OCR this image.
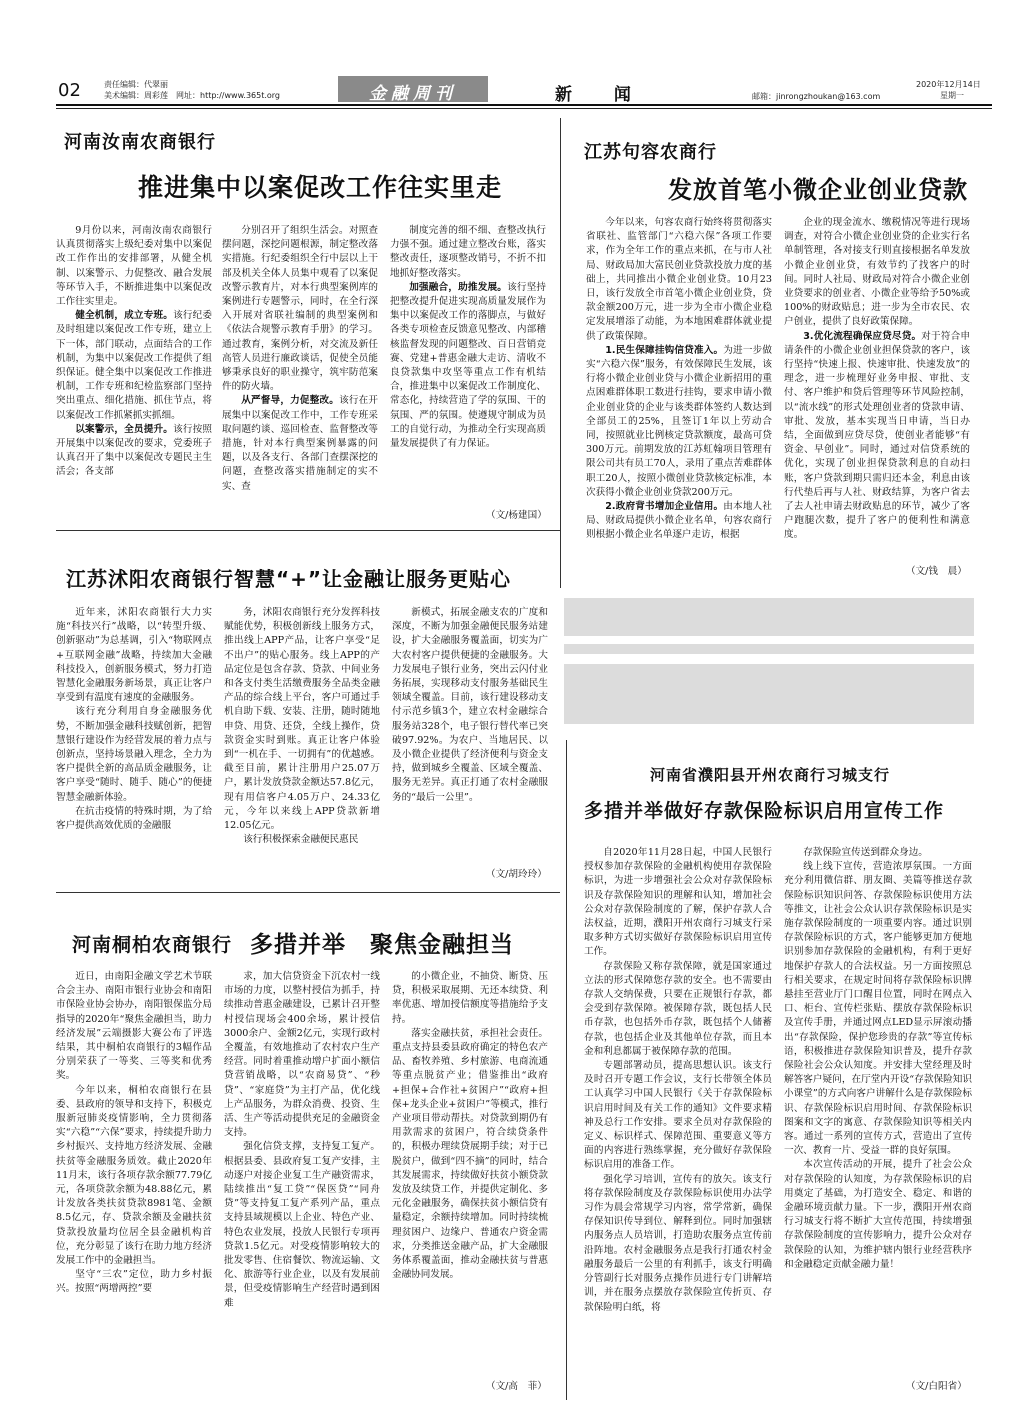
02	责任编辑：代翠丽
美术编辑：周彩莲 网址：http://www.365t.org	金融周刊	新 闻	邮箱：jinrongzhoukan@163.com
2020年12月14日
星期一
河南汝南农商银行
推进集中以案促改工作往实里走

9月份以来，河南汝南农商银行认真贯彻落实上级纪委对集中以案促改工作作出的安排部署，从健全机制、以案警示、力促整改、融合发展等环节入手，不断推进集中以案促改工作往实里走。

健全机制，成立专班。该行纪委及时组建以案促改工作专班，建立上下一体，部门联动，点面结合的工作机制，为集中以案促改工作提供了组织保证。健全集中以案促改工作推进机制，工作专班和纪检监察部门坚持突出重点、细化措施、抓住节点，将以案促改工作抓紧抓实抓细。

以案警示，全员提升。该行按照开展集中以案促改的要求，党委班子认真召开了集中以案促改专题民主生活会；各支部

分别召开了组织生活会。对照查摆问题，深挖问题根源，制定整改落实措施。行纪委组织全行中层以上干部及机关全体人员集中观看了以案促改警示教育片，对本行典型案例库的案例进行专题警示，同时，在全行深入开展对省联社编制的典型案例和《依法合规警示教育手册》的学习。通过教育，案例分析，对交流及新任高管人员进行廉政谈话，促使全员能够秉承良好的职业操守，筑牢防范案件的防火墙。

从严督导，力促整改。该行在开展集中以案促改工作中，工作专班采取问题约谈、巡回检查、监督整改等措施，针对本行典型案例暴露的问题，以及各支行、各部门查摆深挖的问题，查整改落实措施制定的实不实、查

制度完善的细不细、查整改执行力强不强。通过建立整改台账，落实整改责任，逐项整改销号，不折不扣地抓好整改落实。

加强融合，助推发展。该行坚持把整改提升促进实现高质量发展作为集中以案促改工作的落脚点，与做好各类专项检查反馈意见整改、内部稽核监督发现的问题整改、百日营销竞赛、党建+普惠金融大走访、清收不良贷款集中攻坚等重点工作有机结合，推进集中以案促改工作制度化、常态化，持续营造了学的氛围、干的氛围、严的氛围。使遵规守制成为员工的自觉行动，为推动全行实现高质量发展提供了有力保证。

（文/杨建国）
江苏句容农商行
发放首笔小微企业创业贷款

今年以来，句容农商行始终将贯彻落实省联社、监管部门“六稳六保”各项工作要求，作为全年工作的重点来抓，在与市人社局、财政局加大富民创业贷款投放力度的基础上，共同推出小微企业创业贷。10月23日，该行发放全市首笔小微企业创业贷，贷款金额200万元，进一步为全市小微企业稳定发展增添了动能，为本地困难群体就业提供了政策保障。

1.民生保障挂钩信贷准入。为进一步做实“六稳六保”服务，有效保障民生发展，该行将小微企业创业贷与小微企业新招用的重点困难群体职工数进行挂钩，要求申请小微企业创业贷的企业与该类群体签约人数达到全部员工的25%，且签订1年以上劳动合同，按照就业比例核定贷款额度，最高可贷300万元。前期发放的江苏虹翰项目管理有限公司共有员工70人，录用了重点苦难群体职工20人，按照小微创业贷款核定标准，本次获得小微企业创业贷款200万元。

2.政府背书增加企业信用。由本地人社局、财政局提供小微企业名单，句容农商行则根据小微企业名单逐户走访，根据

企业的现金流水、缴税情况等进行现场调查，对符合小微企业创业贷的企业实行名单制管理，各对接支行则直接根据名单发放小微企业创业贷，有效节约了找客户的时间。同时人社局、财政局对符合小微企业创业贷要求的创业者、小微企业等给予50%或100%的财政贴息；进一步为全市农民、农户创业，提供了良好政策保障。

3.优化流程确保应贷尽贷。对于符合申请条件的小微企业创业担保贷款的客户，该行坚持“快速上报、快速审批、快速发放”的理念，进一步梳理好业务申报、审批、支付、客户维护和贷后管理等环节风险控制，以“流水线”的形式处理创业者的贷款申请、审批、发放，基本实现当日申请，当日办结，全面做到应贷尽贷，使创业者能够“有资金、早创业”。同时，通过对信贷系统的优化，实现了创业担保贷款利息的自动扫账，客户贷款到期只需归还本金，利息由该行代垫后再与人社、财政结算，为客户省去了去人社申请去财政贴息的环节，减少了客户跑腿次数，提升了客户的便利性和满意度。

（文/钱　晨）
江苏沭阳农商银行智慧“+”让金融让服务更贴心

近年来，沭阳农商银行大力实施“科技兴行”战略，以“转型升级、创新驱动”为总基调，引入“物联网点+互联网金融”战略，持续加大金融科技投入，创新服务模式，努力打造智慧化金融服务新场景，真正让客户享受到有温度有速度的金融服务。

该行充分利用自身金融服务优势，不断加强金融科技赋创新，把智慧银行建设作为经营发展的着力点与创新点，坚持场景融入理念，全力为客户提供全新的高品质金融服务，让客户享受“随时、随手、随心”的便捷智慧金融新体验。

在抗击疫情的特殊时期，为了给客户提供高效优质的金融服

务，沭阳农商银行充分发挥科技赋能优势，积极创新线上服务方式，推出线上APP产品，让客户享受“足不出户”的贴心服务。线上APP的产品定位是包含存款、贷款、中间业务和各支付类生活缴费服务全品类金融产品的综合线上平台，客户可通过手机自助下载、安装、注册，随时随地申贷、用贷、还贷，全线上操作，贷款资金实时到账。真正让客户体验到“一机在手、一切拥有”的优越感。截至目前，累计注册用户25.07万户，累计发放贷款金额达57.8亿元，现有用信客户4.05万户、24.33亿元，今年以来线上APP贷款新增12.05亿元。

该行积极探索金融便民惠民

新模式，拓展金融支农的广度和深度，不断为加强金融便民服务站建设，扩大金融服务覆盖面，切实为广大农村客户提供便捷的金融服务。大力发展电子银行业务，突出云闪付业务拓展，实现移动支付服务基础民生领域全覆盖。目前，该行建设移动支付示范乡镇3个，建立农村金融综合服务站328个，电子银行替代率已突破97.92%。为农户、当地居民、以及小微企业提供了经济便利与资金支持，做到城乡全覆盖、区域全覆盖、服务无差异。真正打通了农村金融服务的“最后一公里”。

（文/胡玲玲）
河南省濮阳县开州农商行习城支行
多措并举做好存款保险标识启用宣传工作

自2020年11月28日起，中国人民银行授权参加存款保险的金融机构使用存款保险标识，为进一步增强社会公众对存款保险标识及存款保险知识的理解和认知，增加社会公众对存款保险制度的了解，保护存款人合法权益，近期，濮阳开州农商行习城支行采取多种方式切实做好存款保险标识启用宣传工作。

存款保险又称存款保障，就是国家通过立法的形式保障您存款的安全。也不需要由存款人交纳保费，只要在正规银行存款，都会受到存款保障。被保障存款，既包括人民币存款，也包括外币存款，既包括个人储蓄存款，也包括企业及其他单位存款，而且本金和利息都属于被保障存款的范围。

专题部署动员，提高思想认识。该支行及时召开专题工作会议，支行长带领全体员工认真学习中国人民银行《关于存款保险标识启用时间及有关工作的通知》文件要求精神及总行工作安排。要求全员对存款保险的定义、标识样式、保障范围、重要意义等方面的内容进行熟练掌握，充分做好存款保险标识启用的准备工作。

强化学习培训，宣传有的放矢。该支行将存款保险制度及存款保险标识使用办法学习作为晨会常规学习内容，常学常新，确保存保知识传导到位、解释到位。同时加强辖内服务点人员培训，打造助农服务点宣传前沿阵地。农村金融服务点是我行打通农村金融服务最后一公里的有利抓手，该支行明确分管副行长对服务点操作员进行专门讲解培训，并在服务点摆放存款保险宣传折页、存款保险明白纸，将

存款保险宣传送到群众身边。

线上线下宣传，营造浓厚氛围。一方面充分利用微信群、朋友圈、美篇等推送存款保险标识知识问答、存款保险标识使用方法等推文，让社会公众认识存款保险标识是实施存款保险制度的一项重要内容。通过识别存款保险标识的方式，客户能够更加方便地识别参加存款保险的金融机构，有利于更好地保护存款人的合法权益。另一方面按照总行相关要求，在规定时间将存款保险标识牌悬挂至营业厅门口醒目位置，同时在网点入口、柜台、宣传栏张贴、摆放存款保险标识及宣传手册，并通过网点LED显示屏滚动播出“存款保险，保护您珍贵的存款”等宣传标语，积极推进存款保险知识普及，提升存款保险社会公众认知度。并安排大堂经理及时解答客户疑问，在厅堂内开设“存款保险知识小课堂”的方式向客户讲解什么是存款保险标识、存款保险标识启用时间、存款保险标识图案和文字的寓意、存款保险知识等相关内容。通过一系列的宣传方式，营造出了宣传一次、教育一片、受益一群的良好氛围。

本次宣传活动的开展，提升了社会公众对存款保险的认知度，为存款保险标识的启用奠定了基础，为打造安全、稳定、和谐的金融环境贡献力量。下一步，濮阳开州农商行习城支行将不断扩大宣传范围，持续增强存款保险制度的宣传影响力，提升公众对存款保险的认知，为维护辖内银行业经营秩序和金融稳定贡献金融力量！

（文/白阳省）
河南桐柏农商银行 多措并举　聚焦金融担当

近日，由南阳金融文学艺术节联合会主办、南阳市银行业协会和南阳市保险业协会协办，南阳银保监分局指导的2020年“聚焦金融担当，助力经济发展”云端摄影大赛公布了评选结果，其中桐柏农商银行的3幅作品分别荣获了一等奖、三等奖和优秀奖。

今年以来，桐柏农商银行在县委、县政府的领导和支持下，积极克服新冠肺炎疫情影响，全力贯彻落实“六稳”“六保”要求，持续提升助力乡村振兴、支持地方经济发展、金融扶贫等金融服务质效。截止2020年11月末，该行各项存款余额77.79亿元，各项贷款余额为48.88亿元，累计发放各类扶贫贷款8981笔、金额8.5亿元，存、贷款余额及金融扶贫贷款投放量均位居全县金融机构首位，充分彰显了该行在助力地方经济发展工作中的金融担当。

坚守“三农”定位，助力乡村振兴。按照“两增两控”要

求，加大信贷资金下沉农村一线市场的力度，以整村授信为抓手，持续推动普惠金融建设，已累计召开整村授信现场会400余场，累计授信3000余户、金额2亿元，实现行政村全覆盖，有效地推动了农村农户生产经营。同时着重推动增户扩面小额信贷营销战略，以“农商易贷”、“秒贷”、“家庭贷”为主打产品，优化线上产品服务，为群众消费、投资、生活、生产等活动提供充足的金融资金支持。

强化信贷支撑，支持复工复产。根据县委、县政府复工复产安排，主动逐户对接企业复工生产融资需求，陆续推出“复工贷”“保医贷”“同舟贷”等支持复工复产系列产品，重点支持县域规模以上企业、特色产业、特色农业发展，投放人民银行专项再贷款1.5亿元。对受疫情影响较大的批发零售、住宿餐饮、物流运输、文化、旅游等行业企业，以及有发展前景，但受疫情影响生产经营时遇到困难

的小微企业，不抽贷、断贷、压贷，积极采取展期、无还本续贷、利率优惠、增加授信额度等措施给予支持。

落实金融扶贫，承担社会责任。重点支持县委县政府确定的特色农产品、畜牧养殖、乡村旅游、电商流通等重点脱贫产业；借鉴推出“政府+担保+合作社+贫困户”“政府+担保+龙头企业+贫困户”等模式，推行产业项目带动帮扶。对贷款到期仍有用款需求的贫困户，符合续贷条件的，积极办理续贷展期手续；对于已脱贫户，做到“四不摘”的同时，结合其发展需求，持续做好扶贫小额贷款发放及续贷工作，并提供定制化、多元化金融服务，确保扶贫小额信贷有量稳定，余额持续增加。同时持续梳理贫困户、边缘户、普通农户资金需求，分类推送金融产品，扩大金融服务体系覆盖面，推动金融扶贫与普惠金融协同发展。

（文/高　菲）
